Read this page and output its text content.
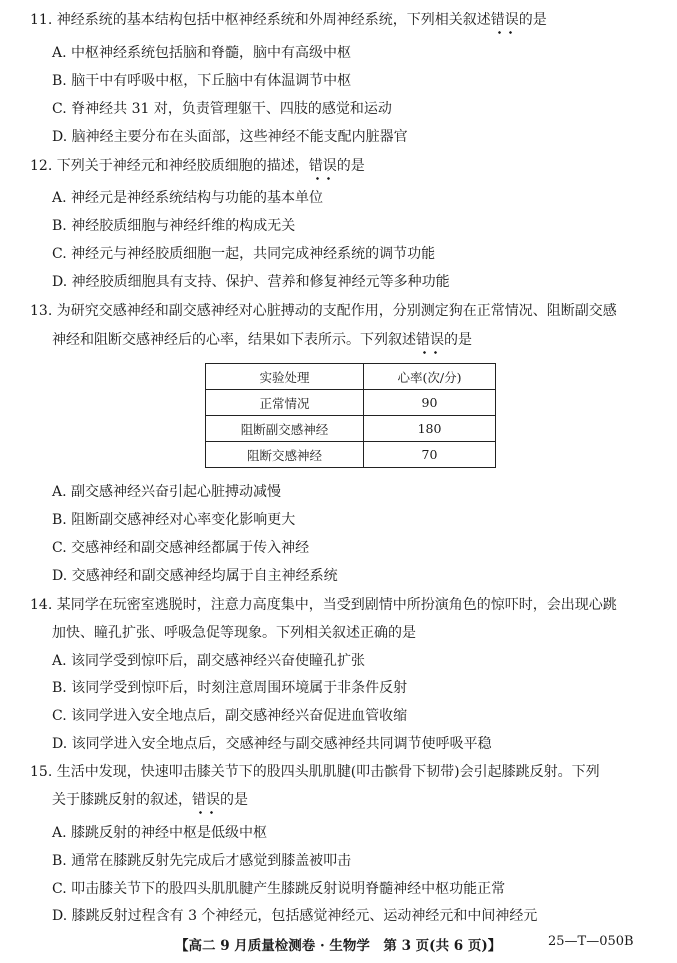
11. 神经系统的基本结构包括中枢神经系统和外周神经系统，下列相关叙述错误的是
A. 中枢神经系统包括脑和脊髓，脑中有高级中枢
B. 脑干中有呼吸中枢，下丘脑中有体温调节中枢
C. 脊神经共 31 对，负责管理躯干、四肢的感觉和运动
D. 脑神经主要分布在头面部，这些神经不能支配内脏器官
12. 下列关于神经元和神经胶质细胞的描述，错误的是
A. 神经元是神经系统结构与功能的基本单位
B. 神经胶质细胞与神经纤维的构成无关
C. 神经元与神经胶质细胞一起，共同完成神经系统的调节功能
D. 神经胶质细胞具有支持、保护、营养和修复神经元等多种功能
13. 为研究交感神经和副交感神经对心脏搏动的支配作用，分别测定狗在正常情况、阻断副交感
神经和阻断交感神经后的心率，结果如下表所示。下列叙述错误的是
实验处理	心率(次/分)
正常情况	90
阻断副交感神经	180
阻断交感神经	70
A. 副交感神经兴奋引起心脏搏动减慢
B. 阻断副交感神经对心率变化影响更大
C. 交感神经和副交感神经都属于传入神经
D. 交感神经和副交感神经均属于自主神经系统
14. 某同学在玩密室逃脱时，注意力高度集中，当受到剧情中所扮演角色的惊吓时，会出现心跳
加快、瞳孔扩张、呼吸急促等现象。下列相关叙述正确的是
A. 该同学受到惊吓后，副交感神经兴奋使瞳孔扩张
B. 该同学受到惊吓后，时刻注意周围环境属于非条件反射
C. 该同学进入安全地点后，副交感神经兴奋促进血管收缩
D. 该同学进入安全地点后，交感神经与副交感神经共同调节使呼吸平稳
15. 生活中发现，快速叩击膝关节下的股四头肌肌腱(叩击髌骨下韧带)会引起膝跳反射。下列
关于膝跳反射的叙述，错误的是
A. 膝跳反射的神经中枢是低级中枢
B. 通常在膝跳反射先完成后才感觉到膝盖被叩击
C. 叩击膝关节下的股四头肌肌腱产生膝跳反射说明脊髓神经中枢功能正常
D. 膝跳反射过程含有 3 个神经元，包括感觉神经元、运动神经元和中间神经元
【高二 9 月质量检测卷 · 生物学　第 3 页(共 6 页)】	25—T—050B
